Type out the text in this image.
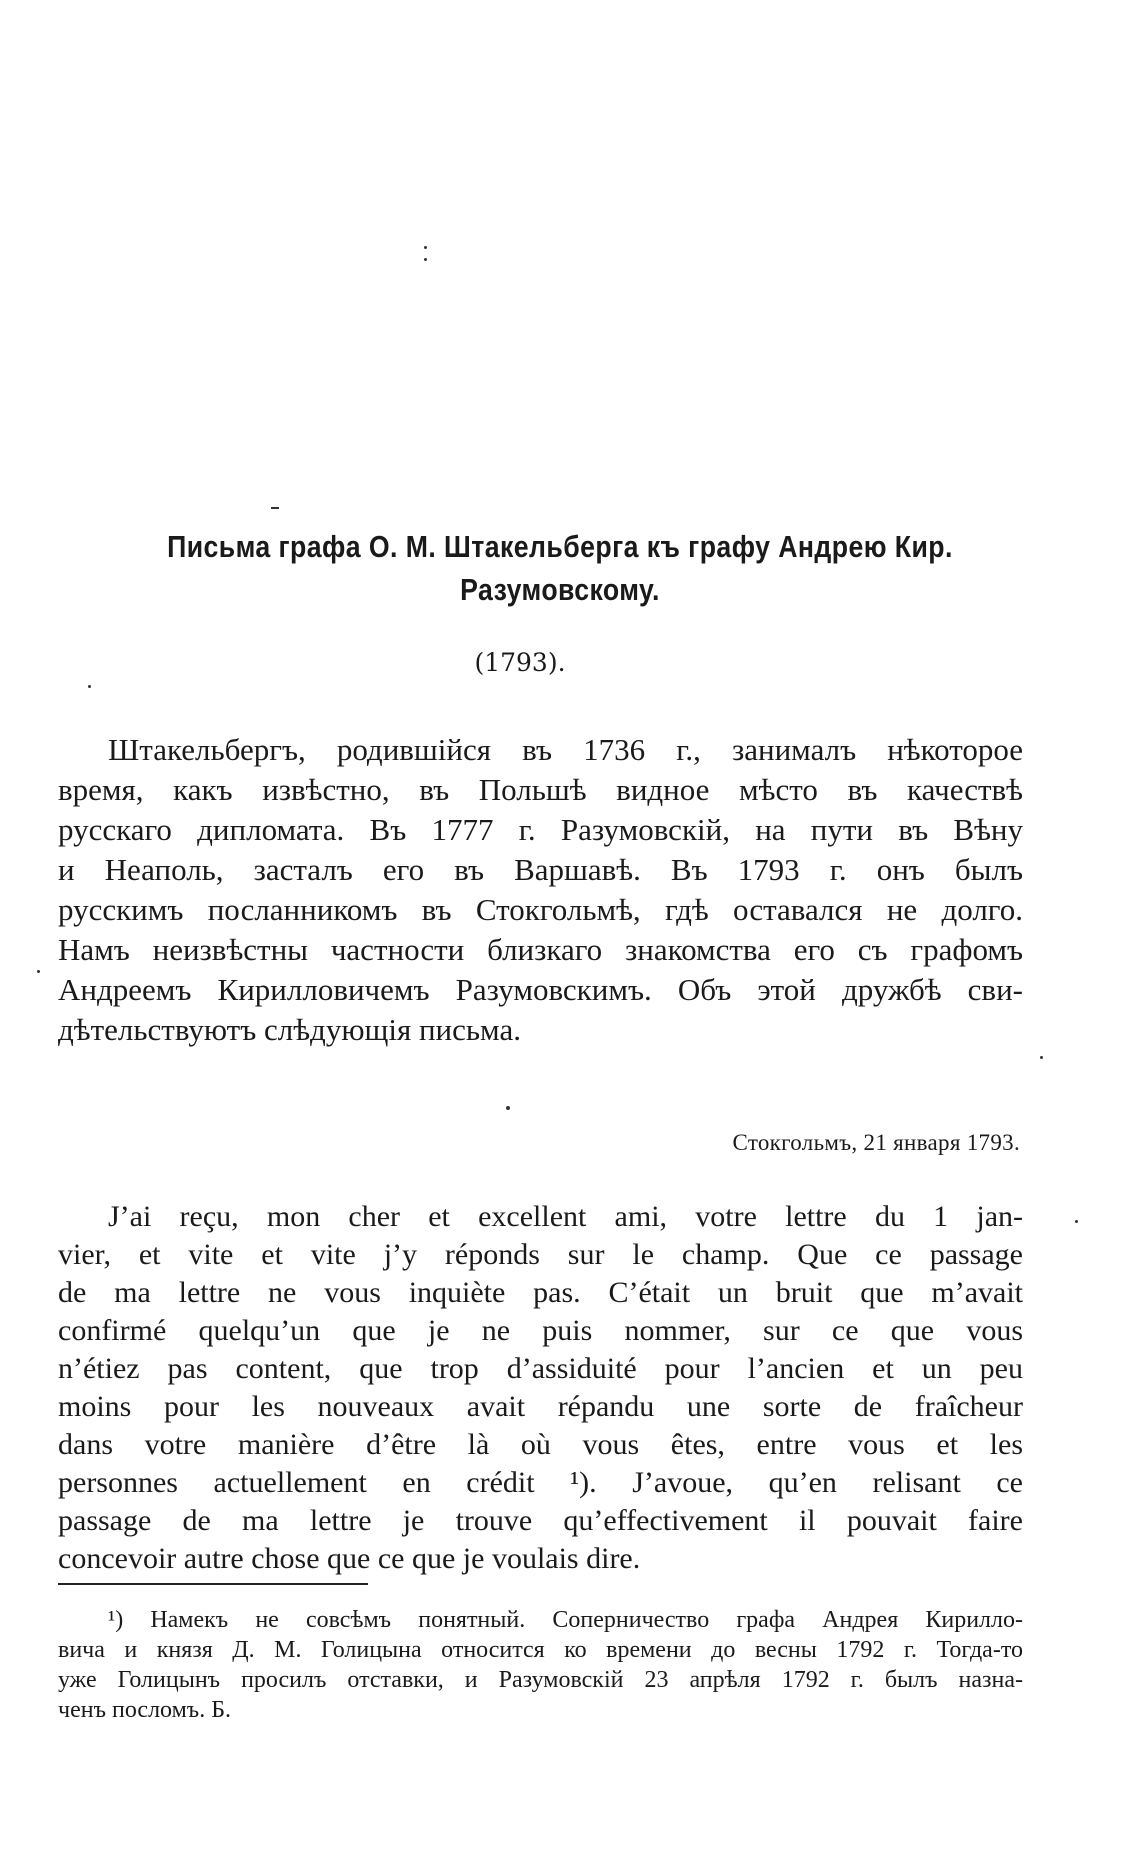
Письма графа О. М. Штакельберга къ графу Андрею Кир.
Разумовскому.
(1793).
Штакельбергъ, родившійся въ 1736 г., занималъ нѣкоторое
время, какъ извѣстно, въ Польшѣ видное мѣсто въ качествѣ
русскаго дипломата. Въ 1777 г. Разумовскій, на пути въ Вѣну
и Неаполь, засталъ его въ Варшавѣ. Въ 1793 г. онъ былъ
русскимъ посланникомъ въ Стокгольмѣ, гдѣ оставался не долго.
Намъ неизвѣстны частности близкаго знакомства его съ графомъ
Андреемъ Кирилловичемъ Разумовскимъ. Объ этой дружбѣ сви-
дѣтельствуютъ слѣдующія письма.
Стокгольмъ, 21 января 1793.
J’ai reçu, mon cher et excellent ami, votre lettre du 1 jan-
vier, et vite et vite j’y réponds sur le champ. Que ce passage
de ma lettre ne vous inquiète pas. C’était un bruit que m’avait
confirmé quelqu’un que je ne puis nommer, sur ce que vous
n’étiez pas content, que trop d’assiduité pour l’ancien et un peu
moins pour les nouveaux avait répandu une sorte de fraîcheur
dans votre manière d’être là où vous êtes, entre vous et les
personnes actuellement en crédit ¹). J’avoue, qu’en relisant ce
passage de ma lettre je trouve qu’effectivement il pouvait faire
concevoir autre chose que ce que je voulais dire.
¹) Намекъ не совсѣмъ понятный. Соперничество графа Андрея Кирилло-
вича и князя Д. М. Голицына относится ко времени до весны 1792 г. Тогда-то
уже Голицынъ просилъ отставки, и Разумовскій 23 апрѣля 1792 г. былъ назна-
ченъ посломъ. Б.
